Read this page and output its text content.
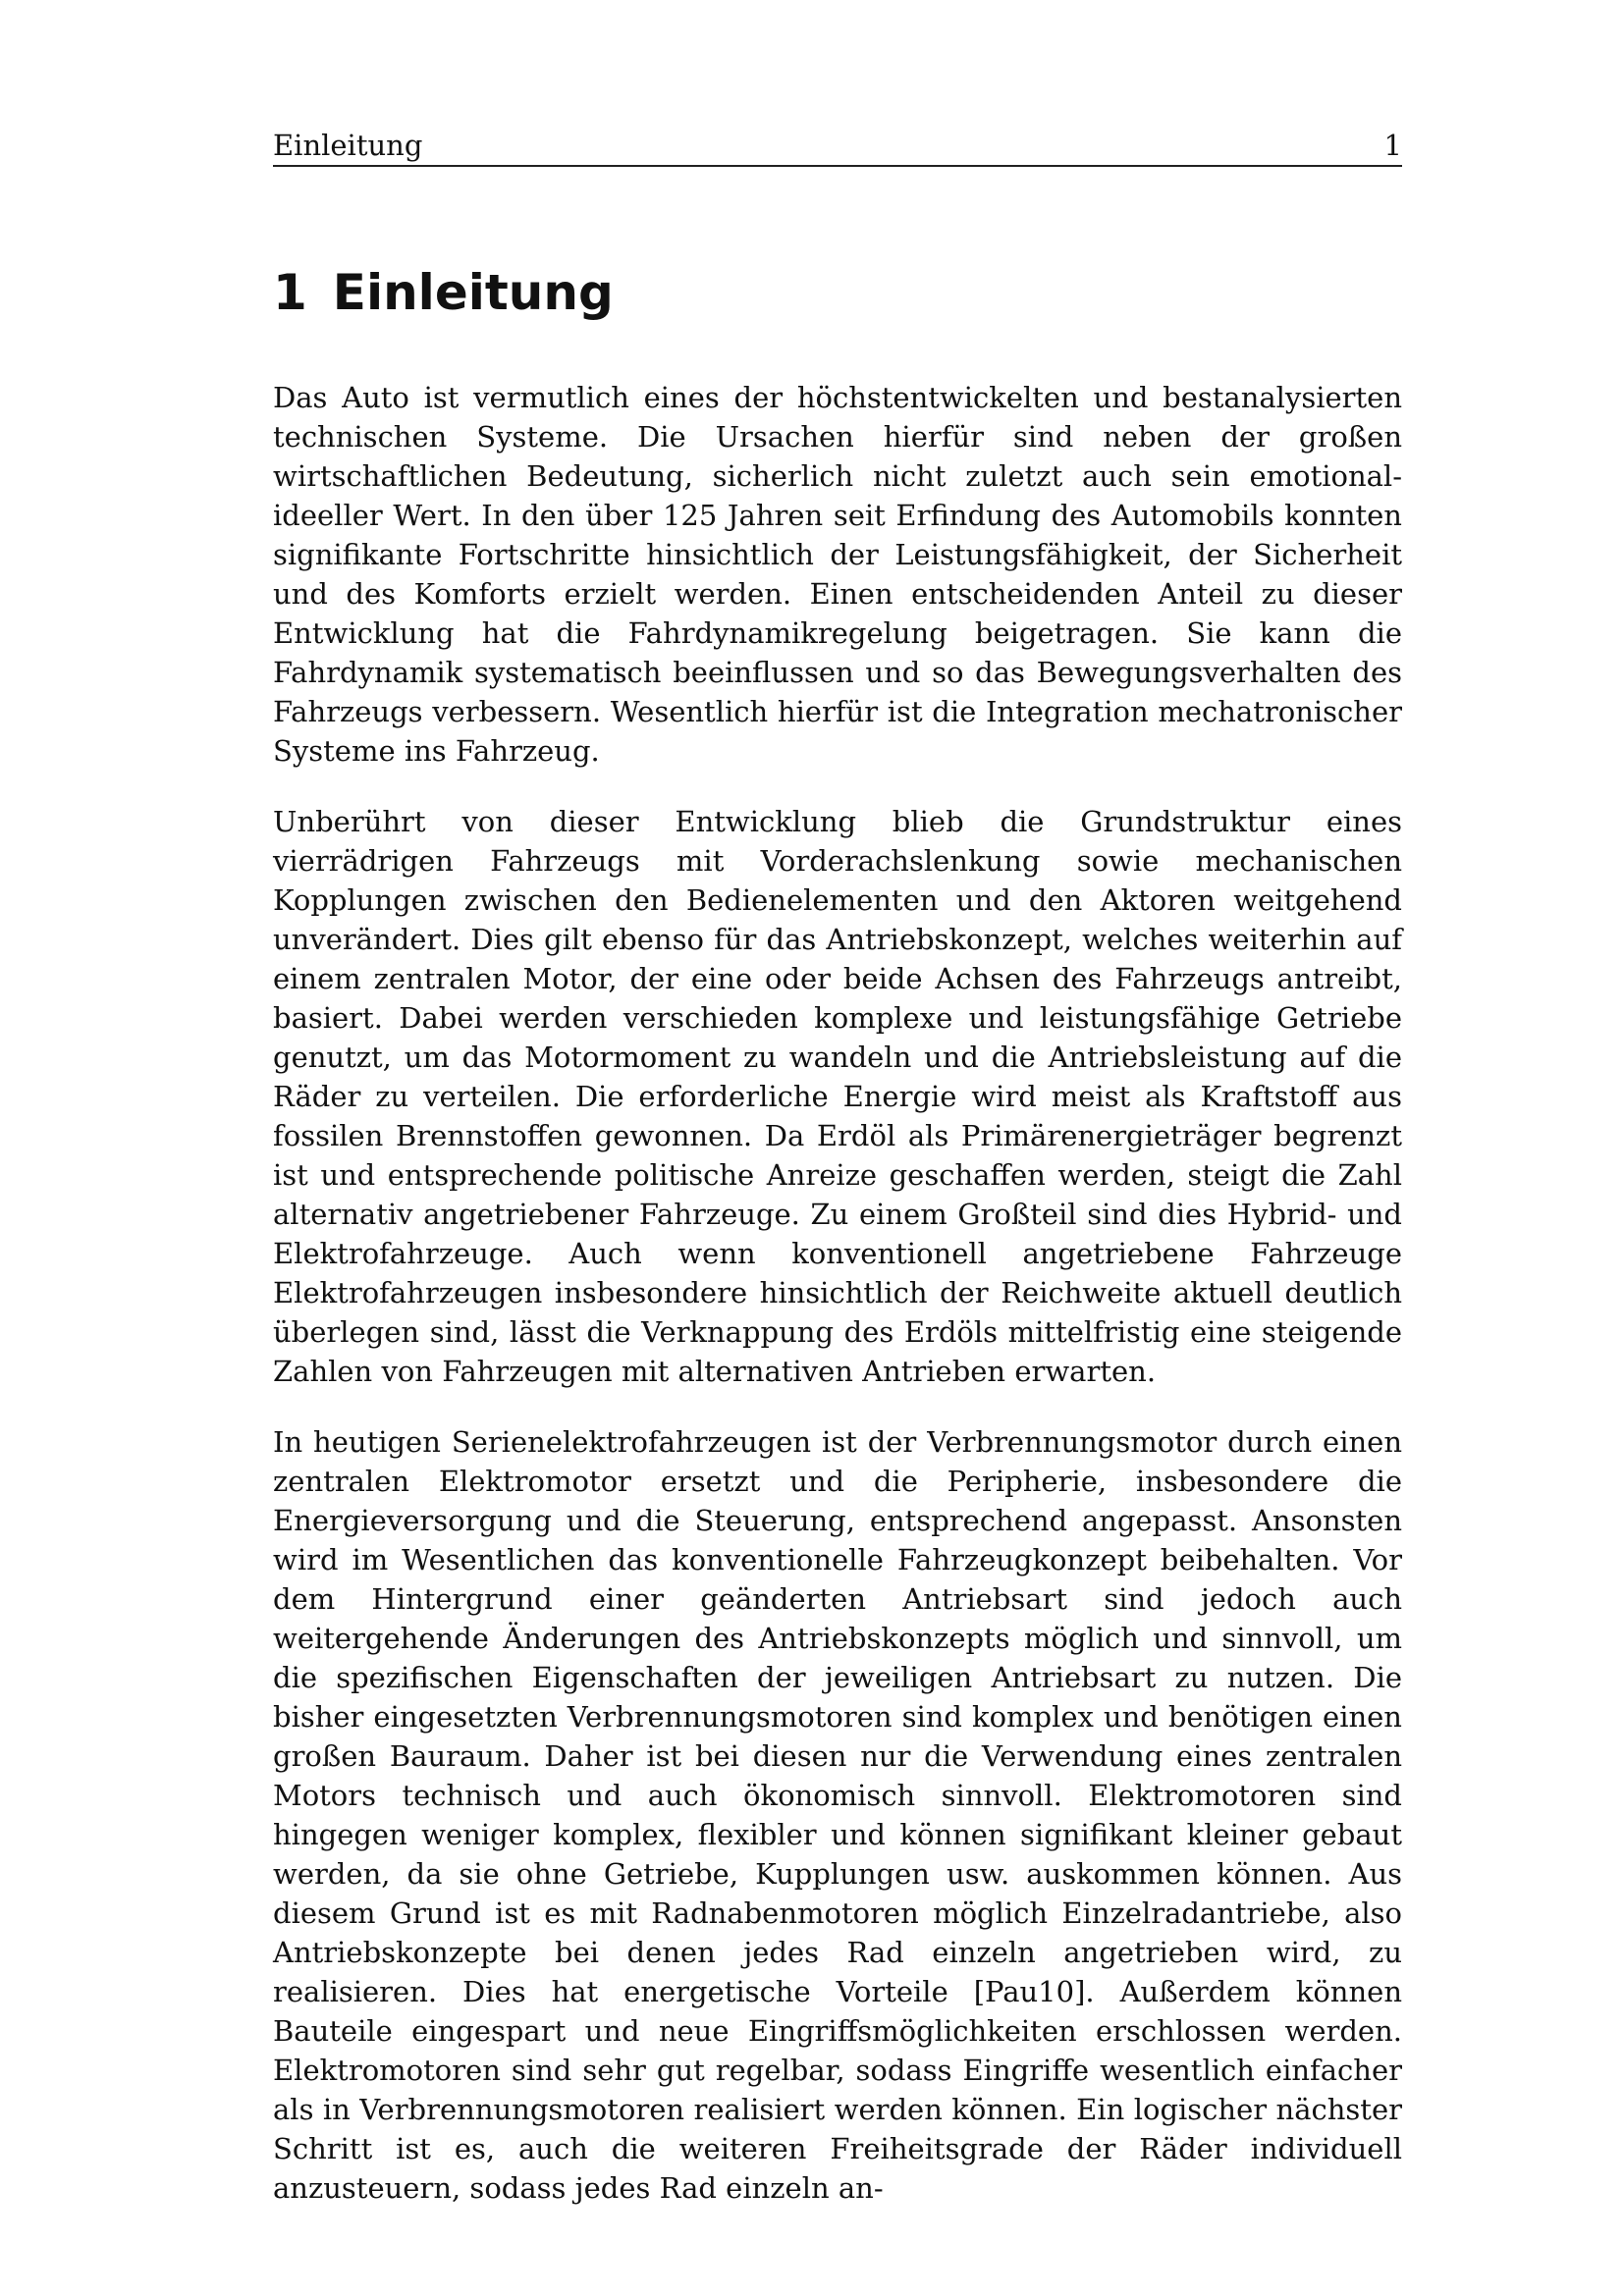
Einleitung	1
1 Einleitung

Das Auto ist vermutlich eines der höchstentwickelten und bestanalysierten technischen Systeme. Die Ursachen hierfür sind neben der großen wirtschaftlichen Bedeutung, sicherlich nicht zuletzt auch sein emotional-ideeller Wert. In den über 125 Jahren seit Erfindung des Automobils konnten signifikante Fortschritte hinsichtlich der Leistungsfähigkeit, der Sicherheit und des Komforts erzielt werden. Einen entscheidenden Anteil zu dieser Entwicklung hat die Fahrdynamikregelung beigetragen. Sie kann die Fahrdynamik systematisch beeinflussen und so das Bewegungsverhalten des Fahrzeugs verbessern. Wesentlich hierfür ist die Integration mechatronischer Systeme ins Fahrzeug.

Unberührt von dieser Entwicklung blieb die Grundstruktur eines vierrädrigen Fahrzeugs mit Vorderachslenkung sowie mechanischen Kopplungen zwischen den Bedienelementen und den Aktoren weitgehend unverändert. Dies gilt ebenso für das Antriebskonzept, welches weiterhin auf einem zentralen Motor, der eine oder beide Achsen des Fahrzeugs antreibt, basiert. Dabei werden verschieden komplexe und leistungsfähige Getriebe genutzt, um das Motormoment zu wandeln und die Antriebsleistung auf die Räder zu verteilen. Die erforderliche Energie wird meist als Kraftstoff aus fossilen Brennstoffen gewonnen. Da Erdöl als Primärenergieträger begrenzt ist und entsprechende politische Anreize geschaffen werden, steigt die Zahl alternativ angetriebener Fahrzeuge. Zu einem Großteil sind dies Hybrid- und Elektrofahrzeuge. Auch wenn konventionell angetriebene Fahrzeuge Elektrofahrzeugen insbesondere hinsichtlich der Reichweite aktuell deutlich überlegen sind, lässt die Verknappung des Erdöls mittelfristig eine steigende Zahlen von Fahrzeugen mit alternativen Antrieben erwarten.

In heutigen Serienelektrofahrzeugen ist der Verbrennungsmotor durch einen zentralen Elektromotor ersetzt und die Peripherie, insbesondere die Energieversorgung und die Steuerung, entsprechend angepasst. Ansonsten wird im Wesentlichen das konventionelle Fahrzeugkonzept beibehalten. Vor dem Hintergrund einer geänderten Antriebsart sind jedoch auch weitergehende Änderungen des Antriebskonzepts möglich und sinnvoll, um die spezifischen Eigenschaften der jeweiligen Antriebsart zu nutzen. Die bisher eingesetzten Verbrennungsmotoren sind komplex und benötigen einen großen Bauraum. Daher ist bei diesen nur die Verwendung eines zentralen Motors technisch und auch ökonomisch sinnvoll. Elektromotoren sind hingegen weniger komplex, flexibler und können signifikant kleiner gebaut werden, da sie ohne Getriebe, Kupplungen usw. auskommen können. Aus diesem Grund ist es mit Radnabenmotoren möglich Einzelradantriebe, also Antriebskonzepte bei denen jedes Rad einzeln angetrieben wird, zu realisieren. Dies hat energetische Vorteile [Pau10]. Außerdem können Bauteile eingespart und neue Eingriffsmöglichkeiten erschlossen werden. Elektromotoren sind sehr gut regelbar, sodass Eingriffe wesentlich einfacher als in Verbrennungsmotoren realisiert werden können. Ein logischer nächster Schritt ist es, auch die weiteren Freiheitsgrade der Räder individuell anzusteuern, sodass jedes Rad einzeln an-
